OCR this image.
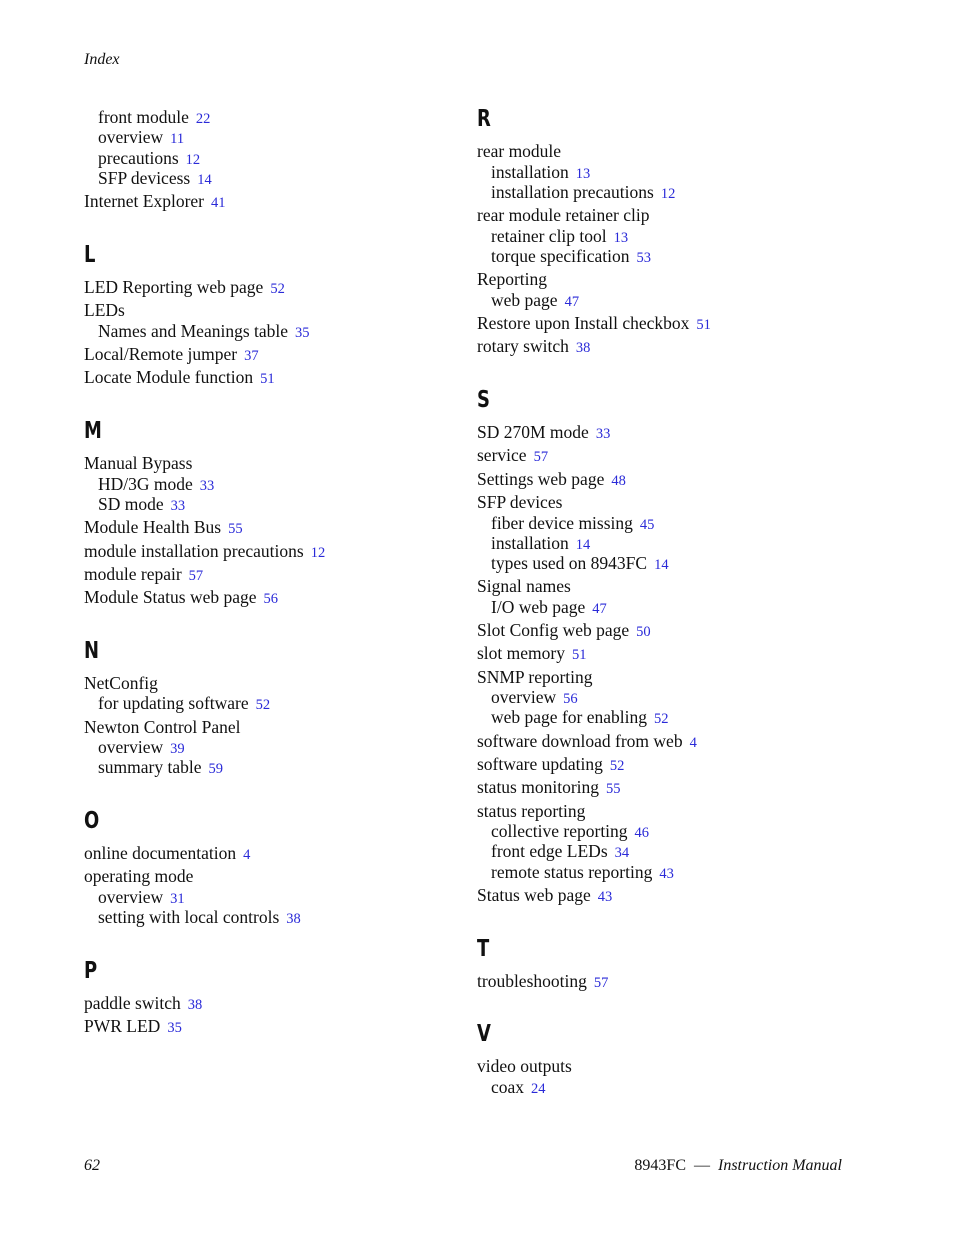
Index
front module 22
overview 11
precautions 12
SFP devicess 14
Internet Explorer 41
L
LED Reporting web page 52
LEDs
Names and Meanings table 35
Local/Remote jumper 37
Locate Module function 51
M
Manual Bypass
HD/3G mode 33
SD mode 33
Module Health Bus 55
module installation precautions 12
module repair 57
Module Status web page 56
N
NetConfig
for updating software 52
Newton Control Panel
overview 39
summary table 59
O
online documentation 4
operating mode
overview 31
setting with local controls 38
P
paddle switch 38
PWR LED 35
R
rear module
installation 13
installation precautions 12
rear module retainer clip
retainer clip tool 13
torque specification 53
Reporting
web page 47
Restore upon Install checkbox 51
rotary switch 38
S
SD 270M mode 33
service 57
Settings web page 48
SFP devices
fiber device missing 45
installation 14
types used on 8943FC 14
Signal names
I/O web page 47
Slot Config web page 50
slot memory 51
SNMP reporting
overview 56
web page for enabling 52
software download from web 4
software updating 52
status monitoring 55
status reporting
collective reporting 46
front edge LEDs 34
remote status reporting 43
Status web page 43
T
troubleshooting 57
V
video outputs
coax 24
62	8943FC — Instruction Manual
